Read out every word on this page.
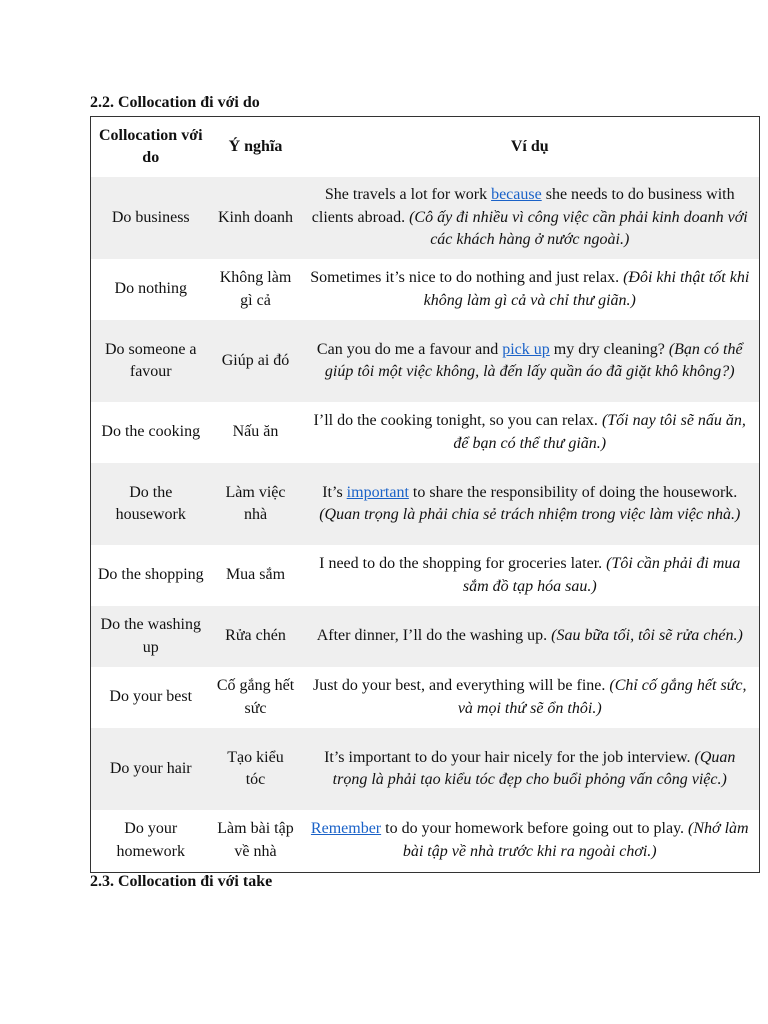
2.2. Collocation đi với do
Collocation với do	Ý nghĩa	Ví dụ
Do business	Kinh doanh	She travels a lot for work because she needs to do business with clients abroad. (Cô ấy đi nhiều vì công việc cần phải kinh doanh với các khách hàng ở nước ngoài.)
Do nothing	Không làm gì cả	Sometimes it’s nice to do nothing and just relax. (Đôi khi thật tốt khi không làm gì cả và chỉ thư giãn.)
Do someone a favour	Giúp ai đó	Can you do me a favour and pick up my dry cleaning? (Bạn có thể giúp tôi một việc không, là đến lấy quần áo đã giặt khô không?)
Do the cooking	Nấu ăn	I’ll do the cooking tonight, so you can relax. (Tối nay tôi sẽ nấu ăn, để bạn có thể thư giãn.)
Do the housework	Làm việc nhà	It’s important to share the responsibility of doing the housework. (Quan trọng là phải chia sẻ trách nhiệm trong việc làm việc nhà.)
Do the shopping	Mua sắm	I need to do the shopping for groceries later. (Tôi cần phải đi mua sắm đồ tạp hóa sau.)
Do the washing up	Rửa chén	After dinner, I’ll do the washing up. (Sau bữa tối, tôi sẽ rửa chén.)
Do your best	Cố gắng hết sức	Just do your best, and everything will be fine. (Chỉ cố gắng hết sức, và mọi thứ sẽ ổn thôi.)
Do your hair	Tạo kiểu tóc	It’s important to do your hair nicely for the job interview. (Quan trọng là phải tạo kiểu tóc đẹp cho buổi phỏng vấn công việc.)
Do your homework	Làm bài tập về nhà	Remember to do your homework before going out to play. (Nhớ làm bài tập về nhà trước khi ra ngoài chơi.)
2.3. Collocation đi với take
